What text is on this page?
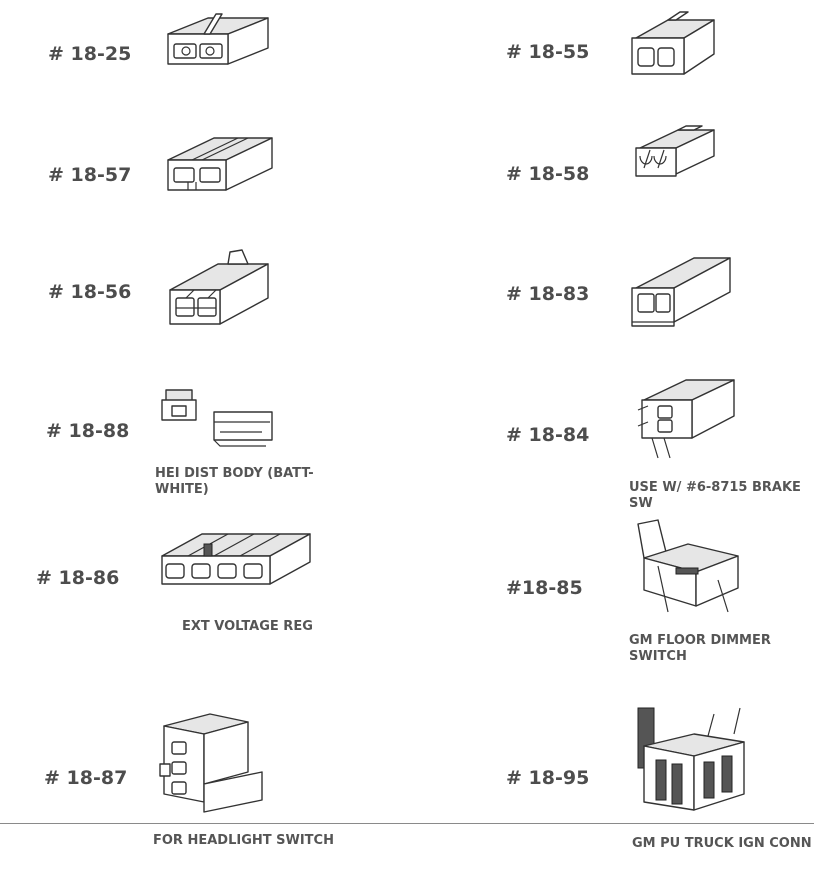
# 18-25	# 18-55
# 18-57	# 18-58
# 18-56	# 18-83
# 18-88
HEI DIST BODY (BATT-WHITE)
# 18-84
USE W/ #6-8715 BRAKE SW
# 18-86
EXT VOLTAGE REG
#18-85
GM FLOOR DIMMER SWITCH
# 18-87
FOR HEADLIGHT SWITCH
# 18-95
GM PU TRUCK IGN CONN
